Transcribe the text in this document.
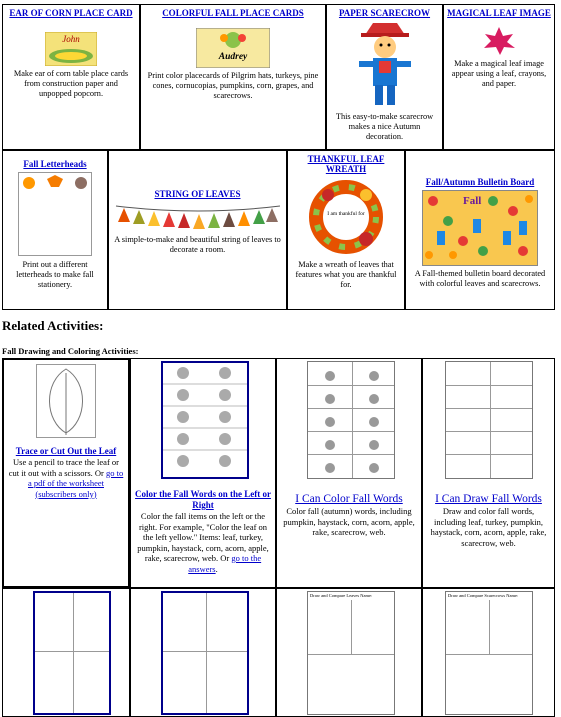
EAR OF CORN PLACE CARD
John
Make ear of corn table place cards from construction paper and unpopped popcorn.
COLORFUL FALL PLACE CARDS
Audrey
Print color placecards of Pilgrim hats, turkeys, pine cones, cornucopias, pumpkins, corn, grapes, and scarecrows.
PAPER SCARECROW
This easy-to-make scarecrow makes a nice Autumn decoration.
MAGICAL LEAF IMAGE
Make a magical leaf image appear using a leaf, crayons, and paper.
Fall Letterheads
Print out a different letterheads to make fall stationery.
STRING OF LEAVES
A simple-to-make and beautiful string of leaves to decorate a room.
THANKFUL LEAF WREATH
I am thankful for
Make a wreath of leaves that features what you are thankful for.
Fall/Autumn Bulletin Board
Fall
A Fall-themed bulletin board decorated with colorful leaves and scarecrows.
Related Activities:
Fall Drawing and Coloring Activities:
Trace or Cut Out the Leaf
Use a pencil to trace the leaf or cut it out with a scissors. Or go to a pdf of the worksheet (subscribers only)	Color the Fall Words on the Left or Right
Color the fall items on the left or the right. For example, "Color the leaf on the left yellow." Items: leaf, turkey, pumpkin, haystack, corn, acorn, apple, rake, scarecrow, web. Or go to the answers.
I Can Color Fall Words
Color fall (autumn) words, including pumpkin, haystack, corn, acorn, apple, rake, scarecrow, web.
I Can Draw Fall Words
Draw and color fall words, including leaf, turkey, pumpkin, haystack, corn, acorn, apple, rake, scarecrow, web.
Draw and Compare Leaves Name:	Draw and Compare Scarecrows Name:
